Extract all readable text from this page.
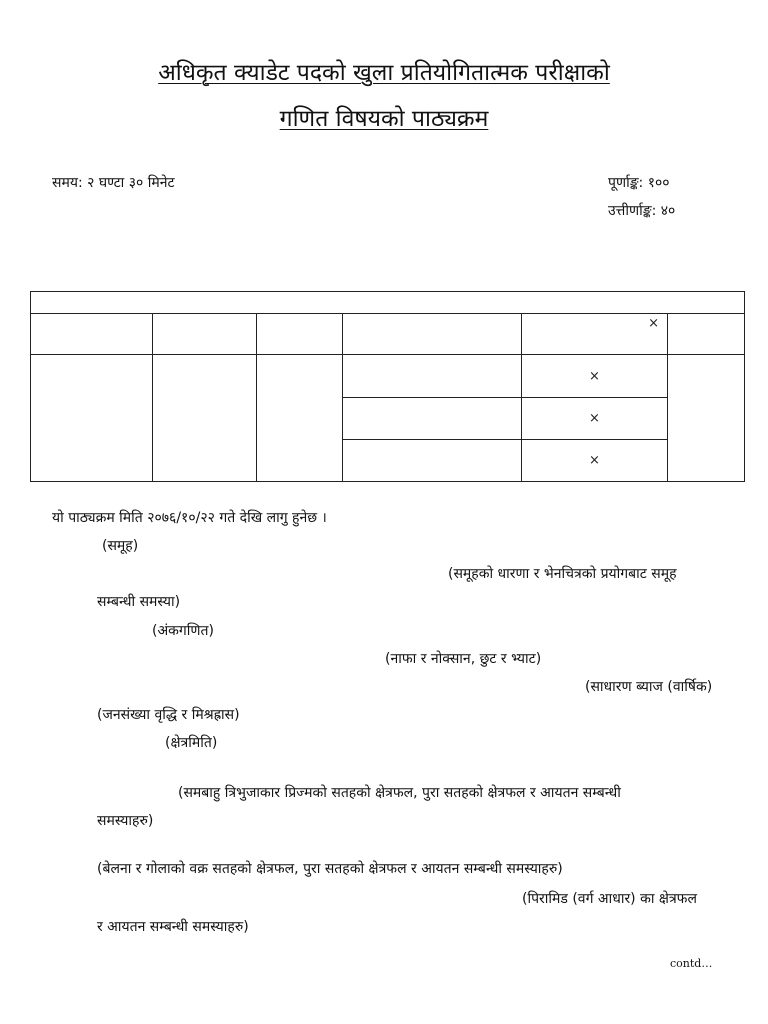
अधिकृत क्याडेट पदको खुला प्रतियोगितात्मक परीक्षाको
गणित विषयको पाठ्यक्रम
समय: २ घण्टा ३० मिनेट	पूर्णाङ्क: १००
उत्तीर्णाङ्क: ४०

				×	
				×	
				×	
				×	
यो पाठ्यक्रम मिति २०७६/१०/२२ गते देखि लागु हुनेछ ।
(समूह)
(समूहको धारणा र भेनचित्रको प्रयोगबाट समूह
सम्बन्धी समस्या)
(अंकगणित)
(नाफा र नोक्सान, छुट र भ्याट)
(साधारण ब्याज (वार्षिक)
(जनसंख्या वृद्धि र मिश्रह्रास)
(क्षेत्रमिति)
(समबाहु त्रिभुजाकार प्रिज्मको सतहको क्षेत्रफल, पुरा सतहको क्षेत्रफल र आयतन सम्बन्धी
समस्याहरु)
(बेलना र गोलाको वक्र सतहको क्षेत्रफल, पुरा सतहको क्षेत्रफल र आयतन सम्बन्धी समस्याहरु)
(पिरामिड (वर्ग आधार) का क्षेत्रफल
र आयतन सम्बन्धी समस्याहरु)
contd…
